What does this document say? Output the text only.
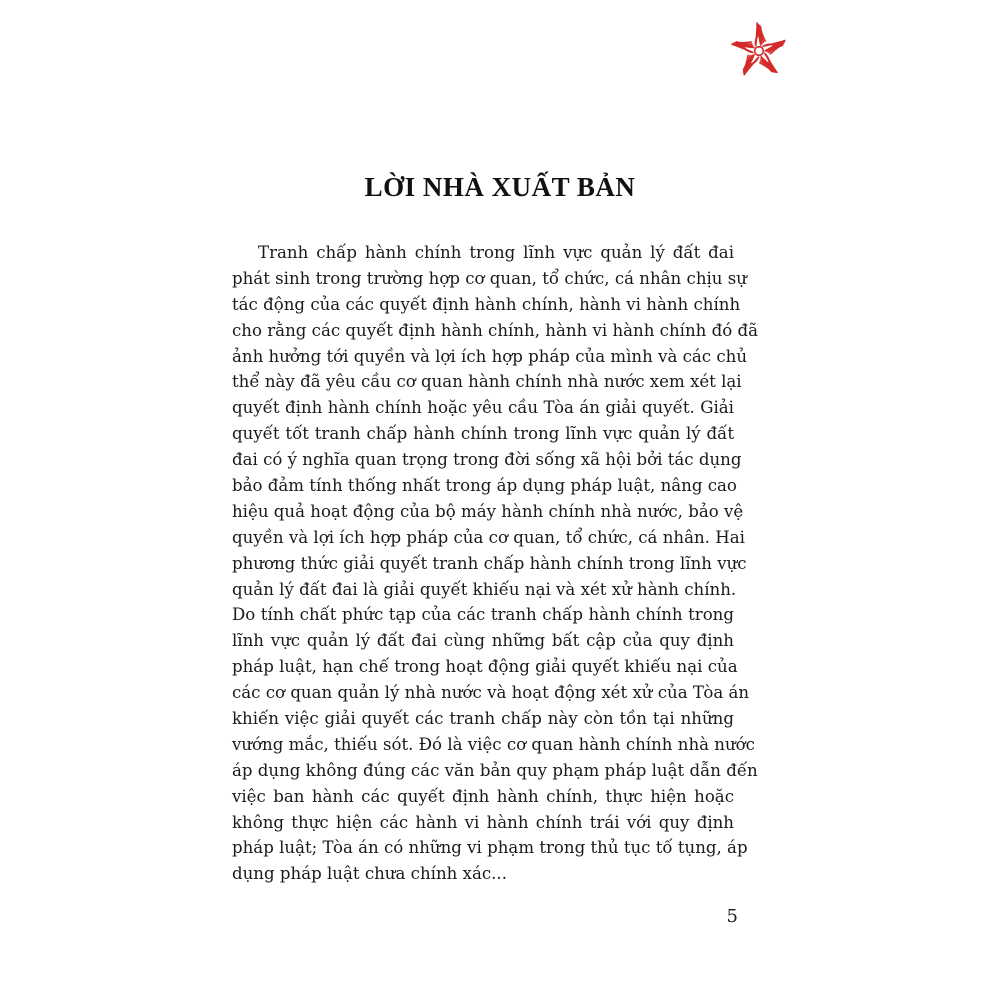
LỜI NHÀ XUẤT BẢN
Tranh chấp hành chính trong lĩnh vực quản lý đất đai
phát sinh trong trường hợp cơ quan, tổ chức, cá nhân chịu sự
tác động của các quyết định hành chính, hành vi hành chính
cho rằng các quyết định hành chính, hành vi hành chính đó đã
ảnh hưởng tới quyền và lợi ích hợp pháp của mình và các chủ
thể này đã yêu cầu cơ quan hành chính nhà nước xem xét lại
quyết định hành chính hoặc yêu cầu Tòa án giải quyết. Giải
quyết tốt tranh chấp hành chính trong lĩnh vực quản lý đất
đai có ý nghĩa quan trọng trong đời sống xã hội bởi tác dụng
bảo đảm tính thống nhất trong áp dụng pháp luật, nâng cao
hiệu quả hoạt động của bộ máy hành chính nhà nước, bảo vệ
quyền và lợi ích hợp pháp của cơ quan, tổ chức, cá nhân. Hai
phương thức giải quyết tranh chấp hành chính trong lĩnh vực
quản lý đất đai là giải quyết khiếu nại và xét xử hành chính.
Do tính chất phức tạp của các tranh chấp hành chính trong
lĩnh vực quản lý đất đai cùng những bất cập của quy định
pháp luật, hạn chế trong hoạt động giải quyết khiếu nại của
các cơ quan quản lý nhà nước và hoạt động xét xử của Tòa án
khiến việc giải quyết các tranh chấp này còn tồn tại những
vướng mắc, thiếu sót. Đó là việc cơ quan hành chính nhà nước
áp dụng không đúng các văn bản quy phạm pháp luật dẫn đến
việc ban hành các quyết định hành chính, thực hiện hoặc
không thực hiện các hành vi hành chính trái với quy định
pháp luật; Tòa án có những vi phạm trong thủ tục tố tụng, áp
dụng pháp luật chưa chính xác...
5
